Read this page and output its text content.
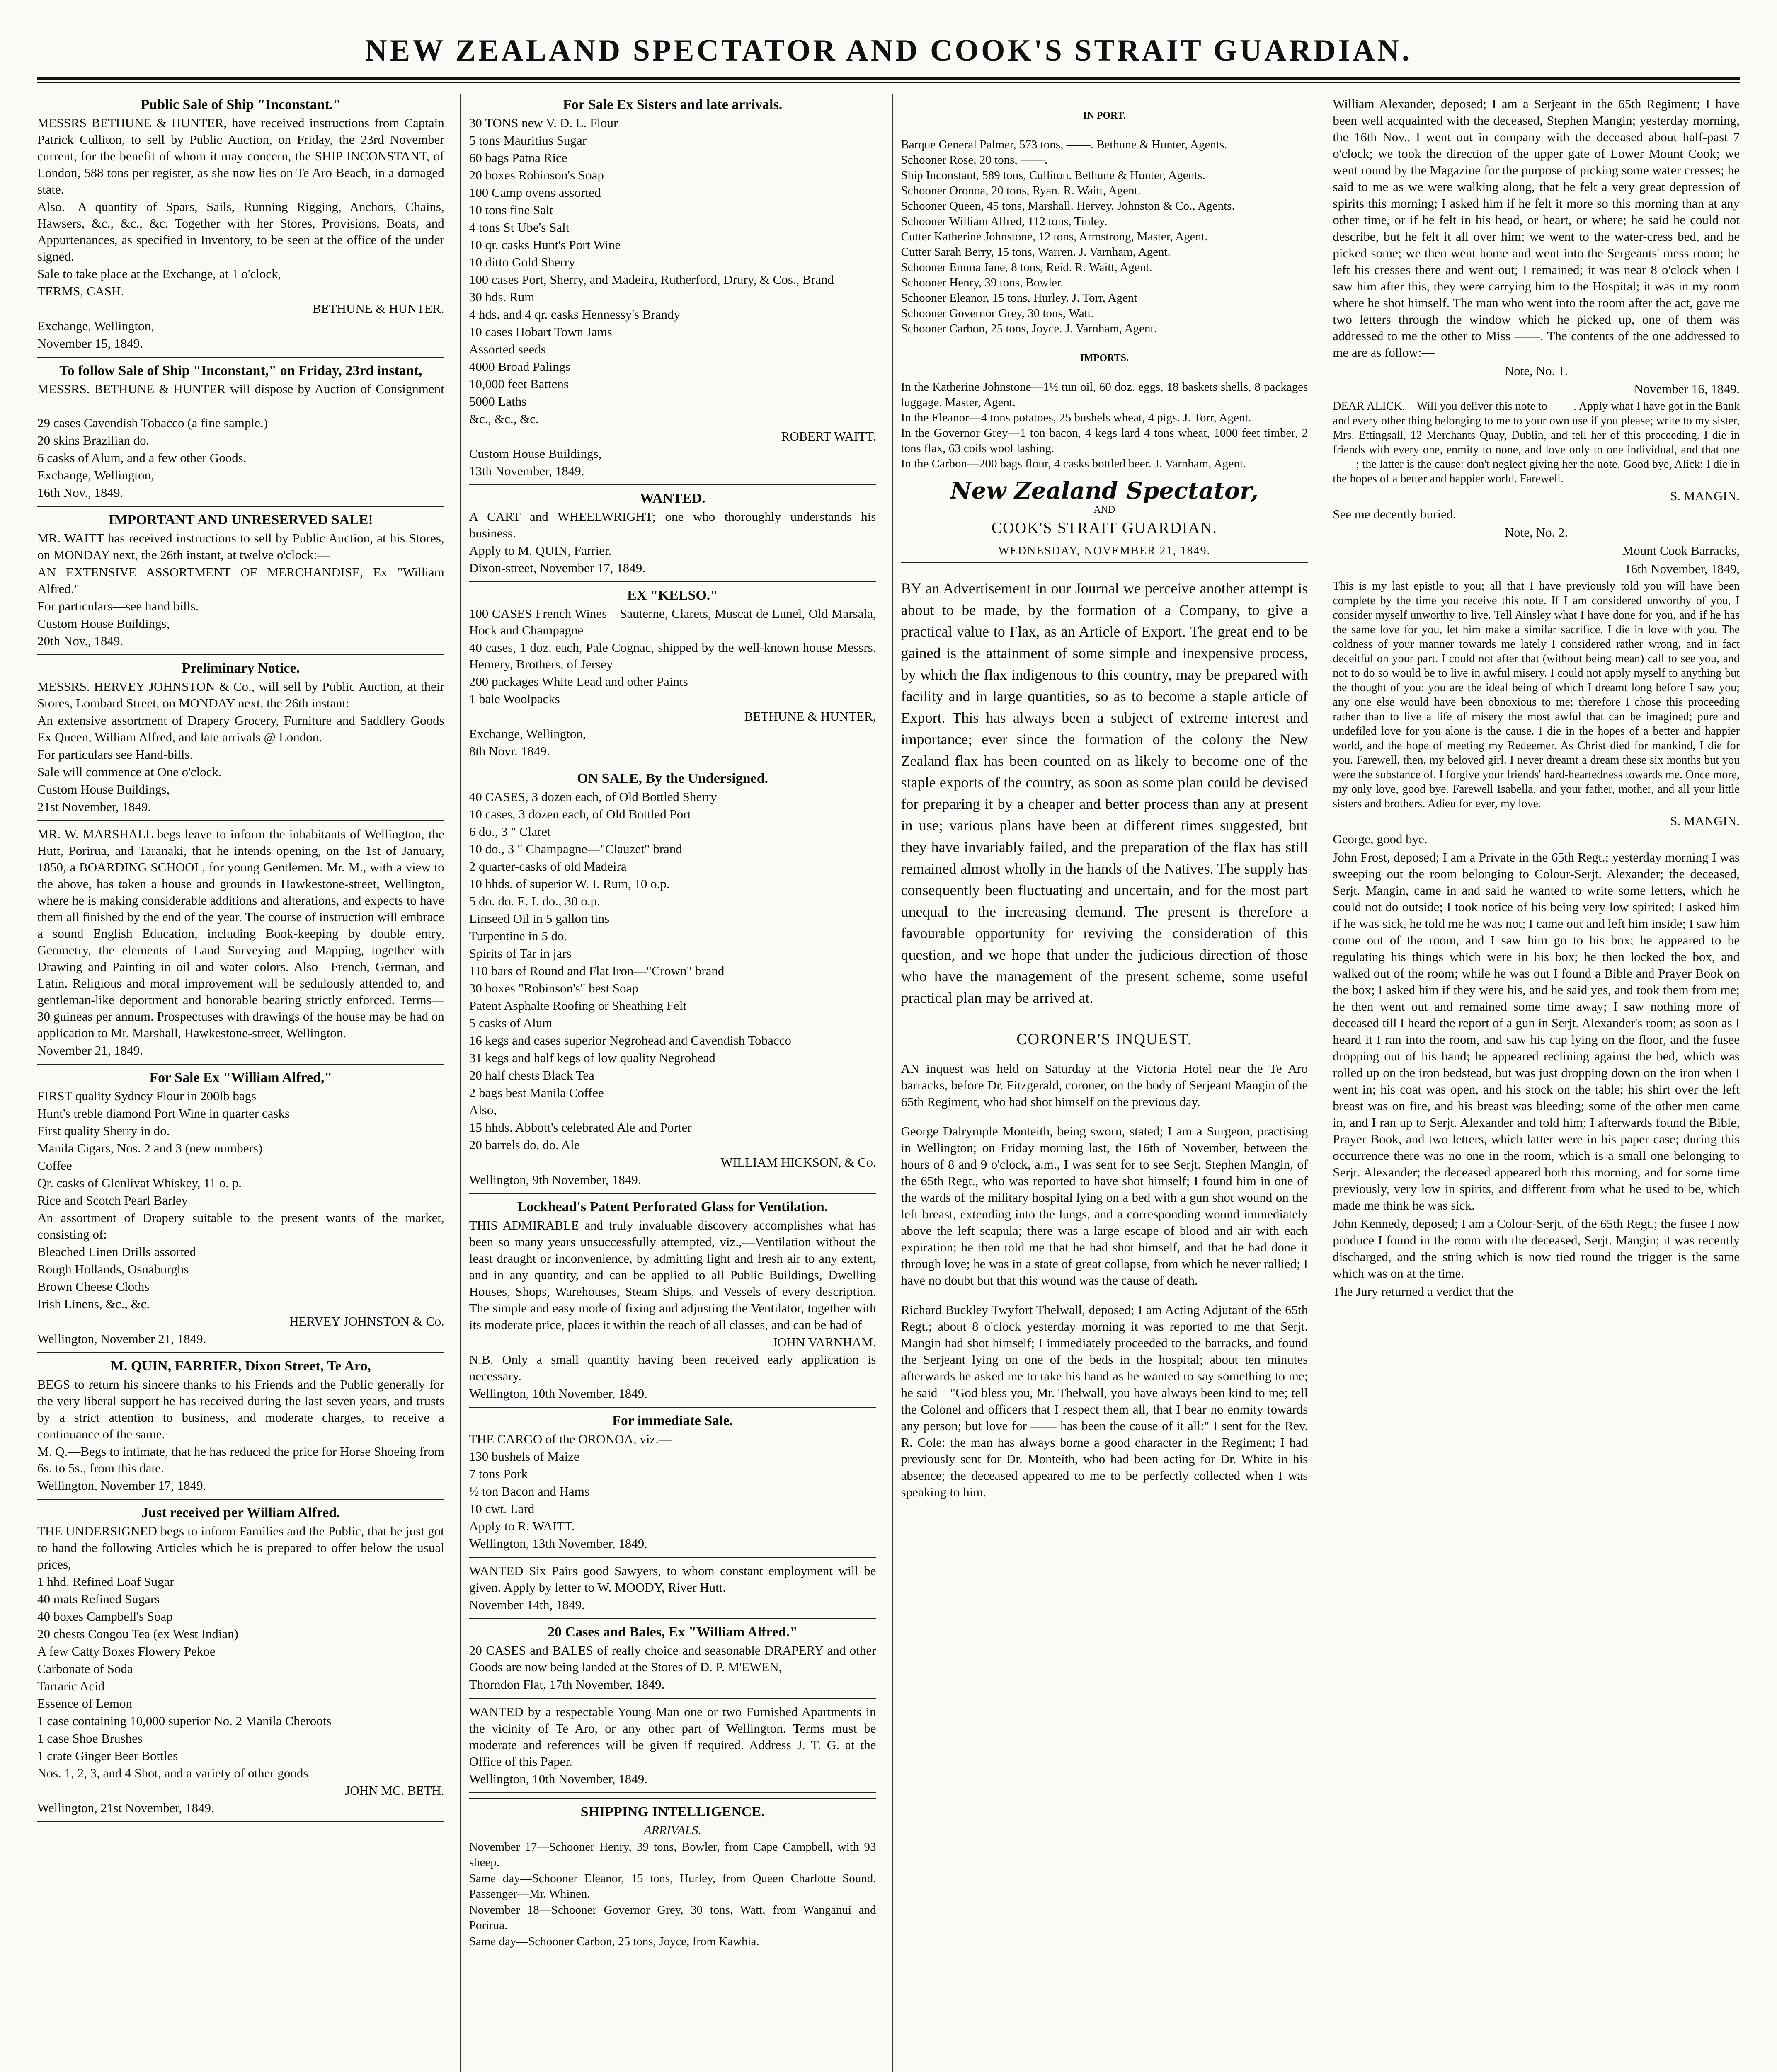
NEW ZEALAND SPECTATOR AND COOK'S STRAIT GUARDIAN.
Public Sale of Ship "Inconstant."

MESSRS BETHUNE & HUNTER, have received instructions from Captain Patrick Culliton, to sell by Public Auction, on Friday, the 23rd November current, for the benefit of whom it may concern, the SHIP INCONSTANT, of London, 588 tons per register, as she now lies on Te Aro Beach, in a damaged state.

Also.—A quantity of Spars, Sails, Running Rigging, Anchors, Chains, Hawsers, &c., &c., &c. Together with her Stores, Provisions, Boats, and Appurtenances, as specified in Inventory, to be seen at the office of the under signed.

Sale to take place at the Exchange, at 1 o'clock,

TERMS, CASH.

BETHUNE & HUNTER.

Exchange, Wellington,

November 15, 1849.

To follow Sale of Ship "Inconstant," on Friday, 23rd instant,

MESSRS. BETHUNE & HUNTER will dispose by Auction of Consignment—

29 cases Cavendish Tobacco (a fine sample.)

20 skins Brazilian do.

6 casks of Alum, and a few other Goods.

Exchange, Wellington,

16th Nov., 1849.

IMPORTANT AND UNRESERVED SALE!

MR. WAITT has received instructions to sell by Public Auction, at his Stores, on MONDAY next, the 26th instant, at twelve o'clock:—

AN EXTENSIVE ASSORTMENT OF MERCHANDISE, Ex "William Alfred."

For particulars—see hand bills.

Custom House Buildings,

20th Nov., 1849.

Preliminary Notice.

MESSRS. HERVEY JOHNSTON & Co., will sell by Public Auction, at their Stores, Lombard Street, on MONDAY next, the 26th instant:

An extensive assortment of Drapery Grocery, Furniture and Saddlery Goods Ex Queen, William Alfred, and late arrivals @ London.

For particulars see Hand-bills.

Sale will commence at One o'clock.

Custom House Buildings,

21st November, 1849.

MR. W. MARSHALL begs leave to inform the inhabitants of Wellington, the Hutt, Porirua, and Taranaki, that he intends opening, on the 1st of January, 1850, a BOARDING SCHOOL, for young Gentlemen. Mr. M., with a view to the above, has taken a house and grounds in Hawkestone-street, Wellington, where he is making considerable additions and alterations, and expects to have them all finished by the end of the year. The course of instruction will embrace a sound English Education, including Book-keeping by double entry, Geometry, the elements of Land Surveying and Mapping, together with Drawing and Painting in oil and water colors. Also—French, German, and Latin. Religious and moral improvement will be sedulously attended to, and gentleman-like deportment and honorable bearing strictly enforced. Terms—30 guineas per annum. Prospectuses with drawings of the house may be had on application to Mr. Marshall, Hawkestone-street, Wellington.

November 21, 1849.

For Sale Ex "William Alfred,"

FIRST quality Sydney Flour in 200lb bags

Hunt's treble diamond Port Wine in quarter casks

First quality Sherry in do.

Manila Cigars, Nos. 2 and 3 (new numbers)

Coffee

Qr. casks of Glenlivat Whiskey, 11 o. p.

Rice and Scotch Pearl Barley

An assortment of Drapery suitable to the present wants of the market, consisting of:

Bleached Linen Drills assorted

Rough Hollands, Osnaburghs

Brown Cheese Cloths

Irish Linens, &c., &c.

HERVEY JOHNSTON & Co.

Wellington, November 21, 1849.

M. QUIN, FARRIER, Dixon Street, Te Aro,

BEGS to return his sincere thanks to his Friends and the Public generally for the very liberal support he has received during the last seven years, and trusts by a strict attention to business, and moderate charges, to receive a continuance of the same.

M. Q.—Begs to intimate, that he has reduced the price for Horse Shoeing from 6s. to 5s., from this date.

Wellington, November 17, 1849.

Just received per William Alfred.

THE UNDERSIGNED begs to inform Families and the Public, that he just got to hand the following Articles which he is prepared to offer below the usual prices,

1 hhd. Refined Loaf Sugar

40 mats Refined Sugars

40 boxes Campbell's Soap

20 chests Congou Tea (ex West Indian)

A few Catty Boxes Flowery Pekoe

Carbonate of Soda

Tartaric Acid

Essence of Lemon

1 case containing 10,000 superior No. 2 Manila Cheroots

1 case Shoe Brushes

1 crate Ginger Beer Bottles

Nos. 1, 2, 3, and 4 Shot, and a variety of other goods

JOHN MC. BETH.

Wellington, 21st November, 1849.

For Sale Ex Sisters and late arrivals.

30 TONS new V. D. L. Flour

5 tons Mauritius Sugar

60 bags Patna Rice

20 boxes Robinson's Soap

100 Camp ovens assorted

10 tons fine Salt

4 tons St Ube's Salt

10 qr. casks Hunt's Port Wine

10 ditto Gold Sherry

100 cases Port, Sherry, and Madeira, Rutherford, Drury, & Cos., Brand

30 hds. Rum

4 hds. and 4 qr. casks Hennessy's Brandy

10 cases Hobart Town Jams

Assorted seeds

4000 Broad Palings

10,000 feet Battens

5000 Laths

&c., &c., &c.

ROBERT WAITT.

Custom House Buildings,

13th November, 1849.

WANTED.

A CART and WHEELWRIGHT; one who thoroughly understands his business.

Apply to M. QUIN, Farrier.

Dixon-street, November 17, 1849.

EX "KELSO."

100 CASES French Wines—Sauterne, Clarets, Muscat de Lunel, Old Marsala, Hock and Champagne

40 cases, 1 doz. each, Pale Cognac, shipped by the well-known house Messrs. Hemery, Brothers, of Jersey

200 packages White Lead and other Paints

1 bale Woolpacks

BETHUNE & HUNTER,

Exchange, Wellington,

8th Novr. 1849.

ON SALE, By the Undersigned.

40 CASES, 3 dozen each, of Old Bottled Sherry

10 cases, 3 dozen each, of Old Bottled Port

6 do., 3 " Claret

10 do., 3 " Champagne—"Clauzet" brand

2 quarter-casks of old Madeira

10 hhds. of superior W. I. Rum, 10 o.p.

5 do. do. E. I. do., 30 o.p.

Linseed Oil in 5 gallon tins

Turpentine in 5 do.

Spirits of Tar in jars

110 bars of Round and Flat Iron—"Crown" brand

30 boxes "Robinson's" best Soap

Patent Asphalte Roofing or Sheathing Felt

5 casks of Alum

16 kegs and cases superior Negrohead and Cavendish Tobacco

31 kegs and half kegs of low quality Negrohead

20 half chests Black Tea

2 bags best Manila Coffee

Also,

15 hhds. Abbott's celebrated Ale and Porter

20 barrels do. do. Ale

WILLIAM HICKSON, & Co.

Wellington, 9th November, 1849.

Lockhead's Patent Perforated Glass for Ventilation.

THIS ADMIRABLE and truly invaluable discovery accomplishes what has been so many years unsuccessfully attempted, viz.,—Ventilation without the least draught or inconvenience, by admitting light and fresh air to any extent, and in any quantity, and can be applied to all Public Buildings, Dwelling Houses, Shops, Warehouses, Steam Ships, and Vessels of every description. The simple and easy mode of fixing and adjusting the Ventilator, together with its moderate price, places it within the reach of all classes, and can be had of

JOHN VARNHAM.

N.B. Only a small quantity having been received early application is necessary.

Wellington, 10th November, 1849.

For immediate Sale.

THE CARGO of the ORONOA, viz.—

130 bushels of Maize

7 tons Pork

½ ton Bacon and Hams

10 cwt. Lard

Apply to R. WAITT.

Wellington, 13th November, 1849.

WANTED Six Pairs good Sawyers, to whom constant employment will be given. Apply by letter to W. MOODY, River Hutt.

November 14th, 1849.

20 Cases and Bales, Ex "William Alfred."

20 CASES and BALES of really choice and seasonable DRAPERY and other Goods are now being landed at the Stores of D. P. M'EWEN,

Thorndon Flat, 17th November, 1849.

WANTED by a respectable Young Man one or two Furnished Apartments in the vicinity of Te Aro, or any other part of Wellington. Terms must be moderate and references will be given if required. Address J. T. G. at the Office of this Paper.

Wellington, 10th November, 1849.

SHIPPING INTELLIGENCE.
ARRIVALS.

November 17—Schooner Henry, 39 tons, Bowler, from Cape Campbell, with 93 sheep.

Same day—Schooner Eleanor, 15 tons, Hurley, from Queen Charlotte Sound. Passenger—Mr. Whinen.

November 18—Schooner Governor Grey, 30 tons, Watt, from Wanganui and Porirua.

Same day—Schooner Carbon, 25 tons, Joyce, from Kawhia.

IN PORT.

Barque General Palmer, 573 tons, ——. Bethune & Hunter, Agents.

Schooner Rose, 20 tons, ——.

Ship Inconstant, 589 tons, Culliton. Bethune & Hunter, Agents.

Schooner Oronoa, 20 tons, Ryan. R. Waitt, Agent.

Schooner Queen, 45 tons, Marshall. Hervey, Johnston & Co., Agents.

Schooner William Alfred, 112 tons, Tinley.

Cutter Katherine Johnstone, 12 tons, Armstrong, Master, Agent.

Cutter Sarah Berry, 15 tons, Warren. J. Varnham, Agent.

Schooner Emma Jane, 8 tons, Reid. R. Waitt, Agent.

Schooner Henry, 39 tons, Bowler.

Schooner Eleanor, 15 tons, Hurley. J. Torr, Agent

Schooner Governor Grey, 30 tons, Watt.

Schooner Carbon, 25 tons, Joyce. J. Varnham, Agent.

IMPORTS.

In the Katherine Johnstone—1½ tun oil, 60 doz. eggs, 18 baskets shells, 8 packages luggage. Master, Agent.

In the Eleanor—4 tons potatoes, 25 bushels wheat, 4 pigs. J. Torr, Agent.

In the Governor Grey—1 ton bacon, 4 kegs lard 4 tons wheat, 1000 feet timber, 2 tons flax, 63 coils wool lashing.

In the Carbon—200 bags flour, 4 casks bottled beer. J. Varnham, Agent.

New Zealand Spectator,
AND
COOK'S STRAIT GUARDIAN.
WEDNESDAY, NOVEMBER 21, 1849.

BY an Advertisement in our Journal we perceive another attempt is about to be made, by the formation of a Company, to give a practical value to Flax, as an Article of Export. The great end to be gained is the attainment of some simple and inexpensive process, by which the flax indigenous to this country, may be prepared with facility and in large quantities, so as to become a staple article of Export. This has always been a subject of extreme interest and importance; ever since the formation of the colony the New Zealand flax has been counted on as likely to become one of the staple exports of the country, as soon as some plan could be devised for preparing it by a cheaper and better process than any at present in use; various plans have been at different times suggested, but they have invariably failed, and the preparation of the flax has still remained almost wholly in the hands of the Natives. The supply has consequently been fluctuating and uncertain, and for the most part unequal to the increasing demand. The present is therefore a favourable opportunity for reviving the consideration of this question, and we hope that under the judicious direction of those who have the management of the present scheme, some useful practical plan may be arrived at.

CORONER'S INQUEST.

AN inquest was held on Saturday at the Victoria Hotel near the Te Aro barracks, before Dr. Fitzgerald, coroner, on the body of Serjeant Mangin of the 65th Regiment, who had shot himself on the previous day.

George Dalrymple Monteith, being sworn, stated; I am a Surgeon, practising in Wellington; on Friday morning last, the 16th of November, between the hours of 8 and 9 o'clock, a.m., I was sent for to see Serjt. Stephen Mangin, of the 65th Regt., who was reported to have shot himself; I found him in one of the wards of the military hospital lying on a bed with a gun shot wound on the left breast, extending into the lungs, and a corresponding wound immediately above the left scapula; there was a large escape of blood and air with each expiration; he then told me that he had shot himself, and that he had done it through love; he was in a state of great collapse, from which he never rallied; I have no doubt but that this wound was the cause of death.

Richard Buckley Twyfort Thelwall, deposed; I am Acting Adjutant of the 65th Regt.; about 8 o'clock yesterday morning it was reported to me that Serjt. Mangin had shot himself; I immediately proceeded to the barracks, and found the Serjeant lying on one of the beds in the hospital; about ten minutes afterwards he asked me to take his hand as he wanted to say something to me; he said—"God bless you, Mr. Thelwall, you have always been kind to me; tell the Colonel and officers that I respect them all, that I bear no enmity towards any person; but love for —— has been the cause of it all:" I sent for the Rev. R. Cole: the man has always borne a good character in the Regiment; I had previously sent for Dr. Monteith, who had been acting for Dr. White in his absence; the deceased appeared to me to be perfectly collected when I was speaking to him.

William Alexander, deposed; I am a Serjeant in the 65th Regiment; I have been well acquainted with the deceased, Stephen Mangin; yesterday morning, the 16th Nov., I went out in company with the deceased about half-past 7 o'clock; we took the direction of the upper gate of Lower Mount Cook; we went round by the Magazine for the purpose of picking some water cresses; he said to me as we were walking along, that he felt a very great depression of spirits this morning; I asked him if he felt it more so this morning than at any other time, or if he felt in his head, or heart, or where; he said he could not describe, but he felt it all over him; we went to the water-cress bed, and he picked some; we then went home and went into the Sergeants' mess room; he left his cresses there and went out; I remained; it was near 8 o'clock when I saw him after this, they were carrying him to the Hospital; it was in my room where he shot himself. The man who went into the room after the act, gave me two letters through the window which he picked up, one of them was addressed to me the other to Miss ——. The contents of the one addressed to me are as follow:—

Note, No. 1.

November 16, 1849.

DEAR ALICK,—Will you deliver this note to ——. Apply what I have got in the Bank and every other thing belonging to me to your own use if you please; write to my sister, Mrs. Ettingsall, 12 Merchants Quay, Dublin, and tell her of this proceeding. I die in friends with every one, enmity to none, and love only to one individual, and that one ——; the latter is the cause: don't neglect giving her the note. Good bye, Alick: I die in the hopes of a better and happier world. Farewell.

S. MANGIN.

See me decently buried.

Note, No. 2.

Mount Cook Barracks,

16th November, 1849,

This is my last epistle to you; all that I have previously told you will have been complete by the time you receive this note. If I am considered unworthy of you, I consider myself unworthy to live. Tell Ainsley what I have done for you, and if he has the same love for you, let him make a similar sacrifice. I die in love with you. The coldness of your manner towards me lately I considered rather wrong, and in fact deceitful on your part. I could not after that (without being mean) call to see you, and not to do so would be to live in awful misery. I could not apply myself to anything but the thought of you: you are the ideal being of which I dreamt long before I saw you; any one else would have been obnoxious to me; therefore I chose this proceeding rather than to live a life of misery the most awful that can be imagined; pure and undefiled love for you alone is the cause. I die in the hopes of a better and happier world, and the hope of meeting my Redeemer. As Christ died for mankind, I die for you. Farewell, then, my beloved girl. I never dreamt a dream these six months but you were the substance of. I forgive your friends' hard-heartedness towards me. Once more, my only love, good bye. Farewell Isabella, and your father, mother, and all your little sisters and brothers. Adieu for ever, my love.

S. MANGIN.

George, good bye.

John Frost, deposed; I am a Private in the 65th Regt.; yesterday morning I was sweeping out the room belonging to Colour-Serjt. Alexander; the deceased, Serjt. Mangin, came in and said he wanted to write some letters, which he could not do outside; I took notice of his being very low spirited; I asked him if he was sick, he told me he was not; I came out and left him inside; I saw him come out of the room, and I saw him go to his box; he appeared to be regulating his things which were in his box; he then locked the box, and walked out of the room; while he was out I found a Bible and Prayer Book on the box; I asked him if they were his, and he said yes, and took them from me; he then went out and remained some time away; I saw nothing more of deceased till I heard the report of a gun in Serjt. Alexander's room; as soon as I heard it I ran into the room, and saw his cap lying on the floor, and the fusee dropping out of his hand; he appeared reclining against the bed, which was rolled up on the iron bedstead, but was just dropping down on the iron when I went in; his coat was open, and his stock on the table; his shirt over the left breast was on fire, and his breast was bleeding; some of the other men came in, and I ran up to Serjt. Alexander and told him; I afterwards found the Bible, Prayer Book, and two letters, which latter were in his paper case; during this occurrence there was no one in the room, which is a small one belonging to Serjt. Alexander; the deceased appeared both this morning, and for some time previously, very low in spirits, and different from what he used to be, which made me think he was sick.

John Kennedy, deposed; I am a Colour-Serjt. of the 65th Regt.; the fusee I now produce I found in the room with the deceased, Serjt. Mangin; it was recently discharged, and the string which is now tied round the trigger is the same which was on at the time.

The Jury returned a verdict that the
